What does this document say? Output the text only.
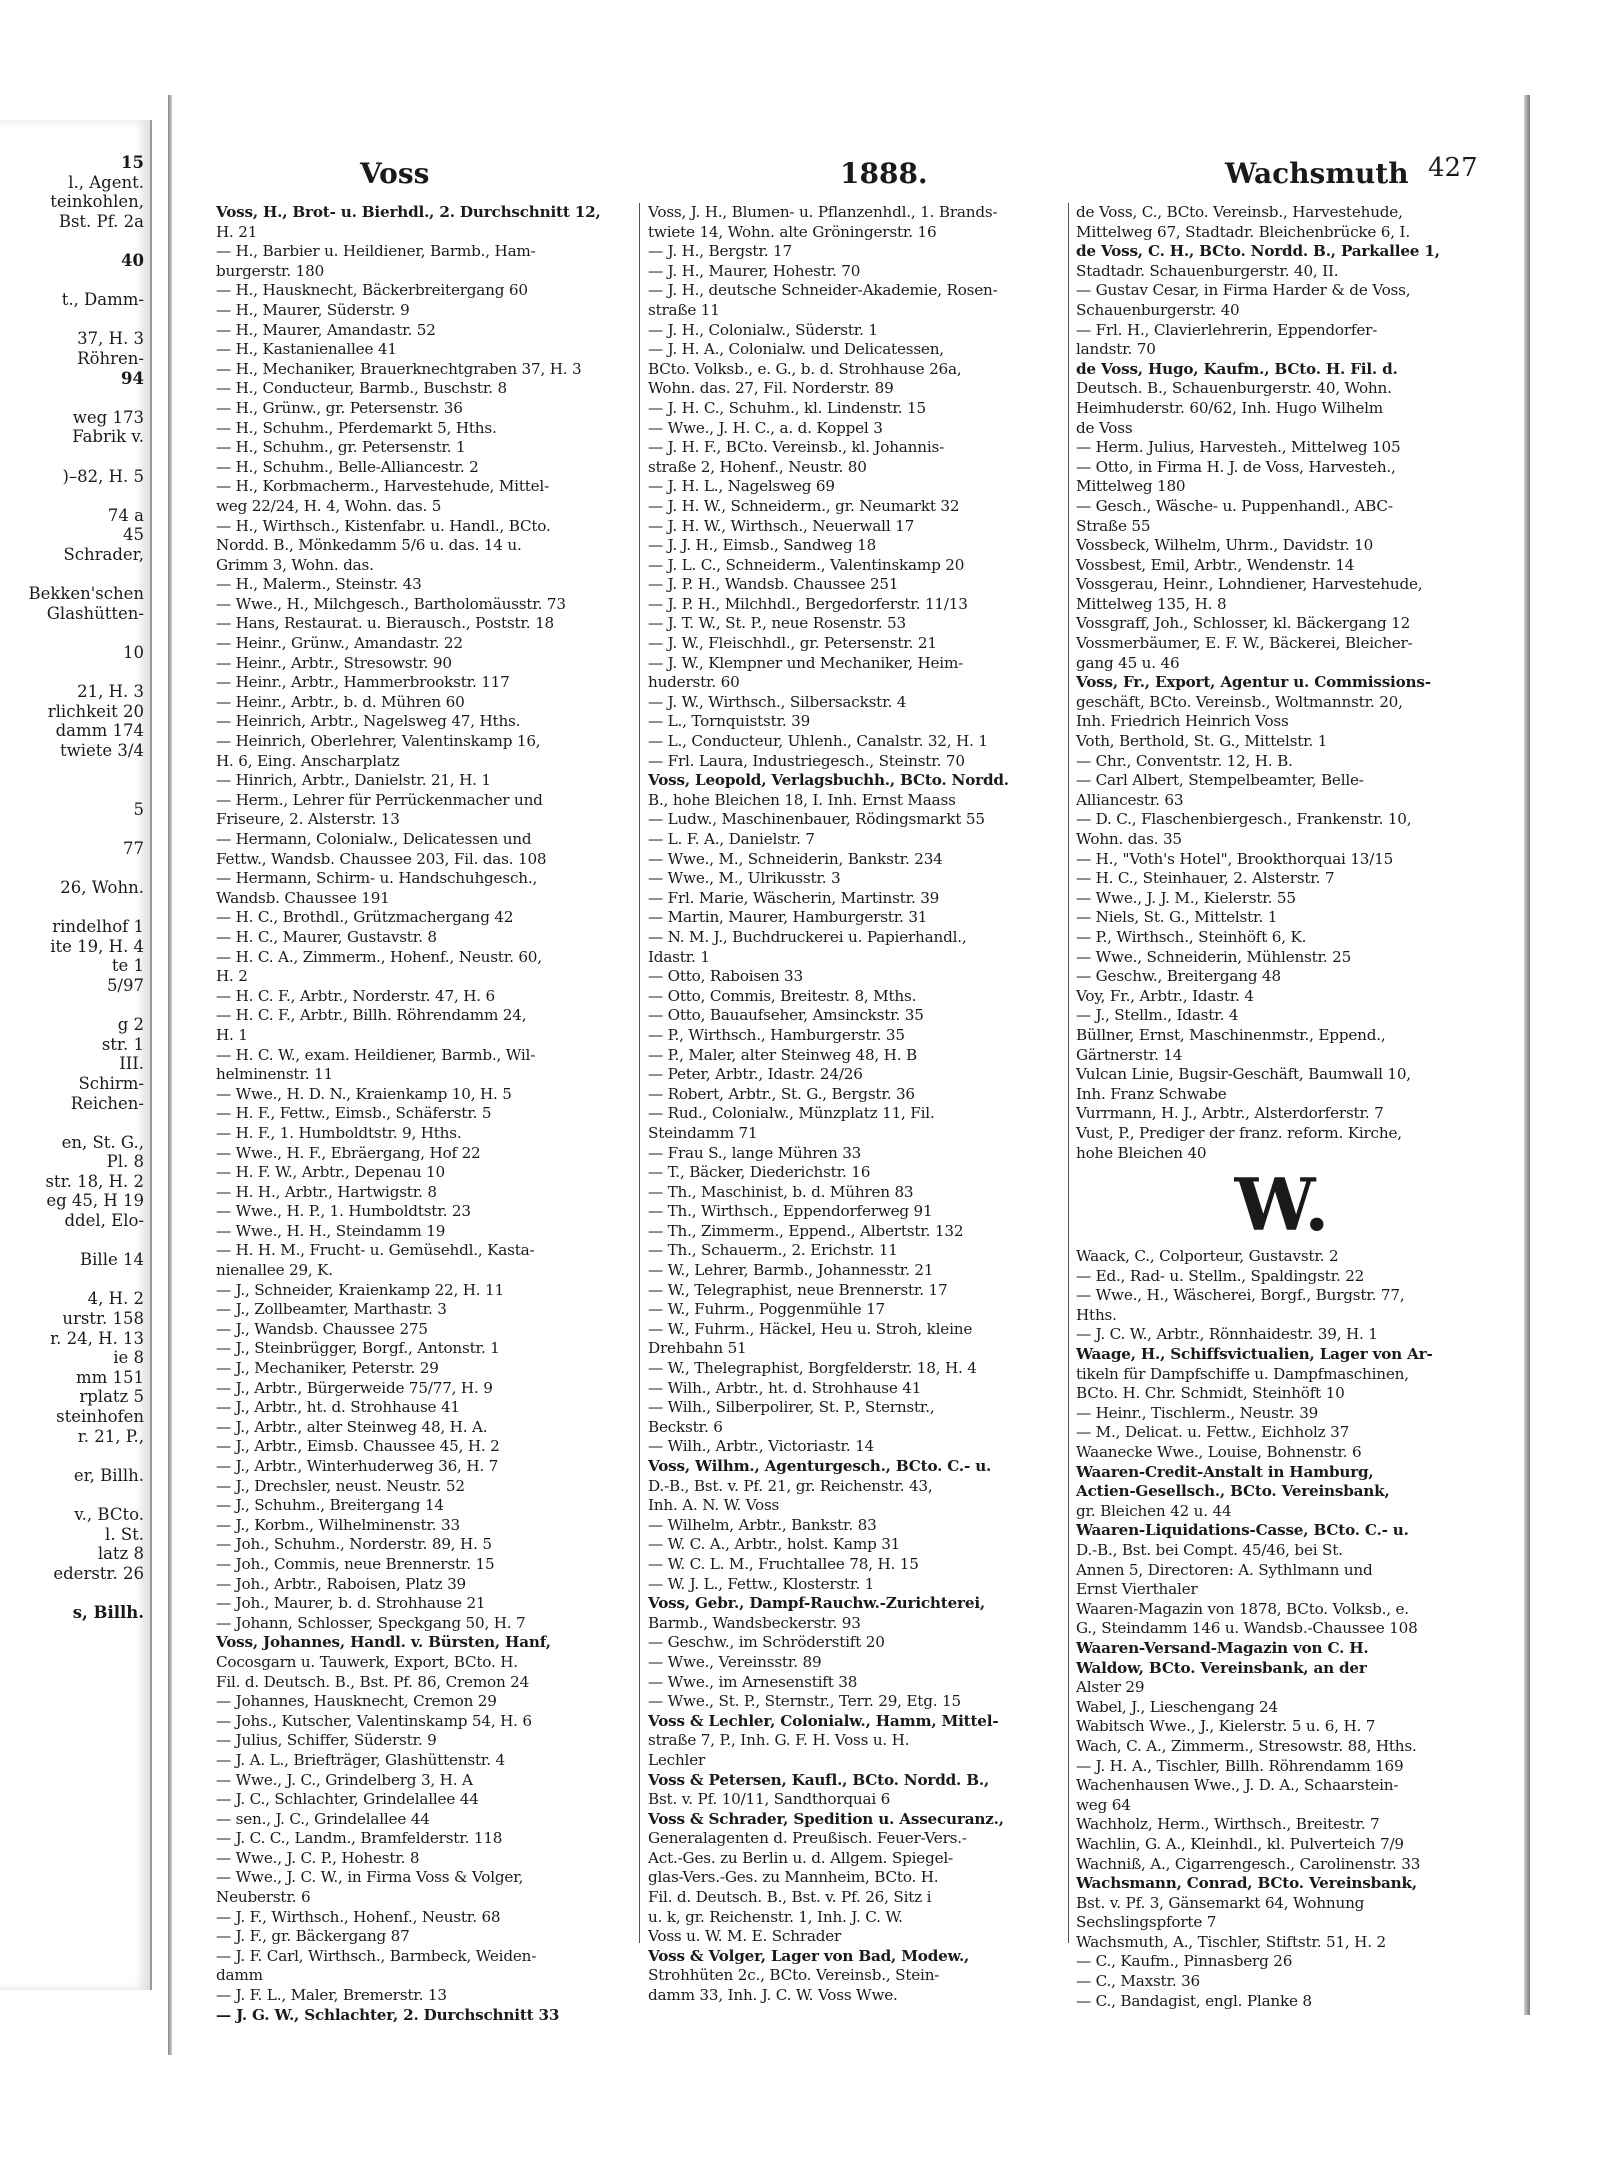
15
l., Agent.
teinkohlen,
Bst. Pf. 2a

40

t., Damm-

37, H. 3
Röhren-
94

weg 173
Fabrik v.

)–82, H. 5

74 a
45
Schrader,

Bekken'schen
Glashütten-

10

21, H. 3
rlichkeit 20
damm 174
twiete 3/4

5

77

26, Wohn.

rindelhof 1
ite 19, H. 4
te 1
5/97

g 2
str. 1
III.
Schirm-
Reichen-

en, St. G.,
Pl. 8
str. 18, H. 2
eg 45, H 19
ddel, Elo-

Bille 14

4, H. 2
urstr. 158
r. 24, H. 13
ie 8
mm 151
rplatz 5
steinhofen
r. 21, P.,

er, Billh.

v., BCto.
l. St.
latz 8
ederstr. 26

s, Billh.
Voss	1888.	Wachsmuth 427
Voss, H., Brot- u. Bierhdl., 2. Durchschnitt 12,
H. 21
— H., Barbier u. Heildiener, Barmb., Ham-
burgerstr. 180
— H., Hausknecht, Bäckerbreitergang 60
— H., Maurer, Süderstr. 9
— H., Maurer, Amandastr. 52
— H., Kastanienallee 41
— H., Mechaniker, Brauerknechtgraben 37, H. 3
— H., Conducteur, Barmb., Buschstr. 8
— H., Grünw., gr. Petersenstr. 36
— H., Schuhm., Pferdemarkt 5, Hths.
— H., Schuhm., gr. Petersenstr. 1
— H., Schuhm., Belle-Alliancestr. 2
— H., Korbmacherm., Harvestehude, Mittel-
weg 22/24, H. 4, Wohn. das. 5
— H., Wirthsch., Kistenfabr. u. Handl., BCto.
Nordd. B., Mönkedamm 5/6 u. das. 14 u.
Grimm 3, Wohn. das.
— H., Malerm., Steinstr. 43
— Wwe., H., Milchgesch., Bartholomäusstr. 73
— Hans, Restaurat. u. Bierausch., Poststr. 18
— Heinr., Grünw., Amandastr. 22
— Heinr., Arbtr., Stresowstr. 90
— Heinr., Arbtr., Hammerbrookstr. 117
— Heinr., Arbtr., b. d. Mühren 60
— Heinrich, Arbtr., Nagelsweg 47, Hths.
— Heinrich, Oberlehrer, Valentinskamp 16,
H. 6, Eing. Anscharplatz
— Hinrich, Arbtr., Danielstr. 21, H. 1
— Herm., Lehrer für Perrückenmacher und
Friseure, 2. Alsterstr. 13
— Hermann, Colonialw., Delicatessen und
Fettw., Wandsb. Chaussee 203, Fil. das. 108
— Hermann, Schirm- u. Handschuhgesch.,
Wandsb. Chaussee 191
— H. C., Brothdl., Grützmachergang 42
— H. C., Maurer, Gustavstr. 8
— H. C. A., Zimmerm., Hohenf., Neustr. 60,
H. 2
— H. C. F., Arbtr., Norderstr. 47, H. 6
— H. C. F., Arbtr., Billh. Röhrendamm 24,
H. 1
— H. C. W., exam. Heildiener, Barmb., Wil-
helminenstr. 11
— Wwe., H. D. N., Kraienkamp 10, H. 5
— H. F., Fettw., Eimsb., Schäferstr. 5
— H. F., 1. Humboldtstr. 9, Hths.
— Wwe., H. F., Ebräergang, Hof 22
— H. F. W., Arbtr., Depenau 10
— H. H., Arbtr., Hartwigstr. 8
— Wwe., H. P., 1. Humboldtstr. 23
— Wwe., H. H., Steindamm 19
— H. H. M., Frucht- u. Gemüsehdl., Kasta-
nienallee 29, K.
— J., Schneider, Kraienkamp 22, H. 11
— J., Zollbeamter, Marthastr. 3
— J., Wandsb. Chaussee 275
— J., Steinbrügger, Borgf., Antonstr. 1
— J., Mechaniker, Peterstr. 29
— J., Arbtr., Bürgerweide 75/77, H. 9
— J., Arbtr., ht. d. Strohhause 41
— J., Arbtr., alter Steinweg 48, H. A.
— J., Arbtr., Eimsb. Chaussee 45, H. 2
— J., Arbtr., Winterhuderweg 36, H. 7
— J., Drechsler, neust. Neustr. 52
— J., Schuhm., Breitergang 14
— J., Korbm., Wilhelminenstr. 33
— Joh., Schuhm., Norderstr. 89, H. 5
— Joh., Commis, neue Brennerstr. 15
— Joh., Arbtr., Raboisen, Platz 39
— Joh., Maurer, b. d. Strohhause 21
— Johann, Schlosser, Speckgang 50, H. 7
Voss, Johannes, Handl. v. Bürsten, Hanf,
Cocosgarn u. Tauwerk, Export, BCto. H.
Fil. d. Deutsch. B., Bst. Pf. 86, Cremon 24
— Johannes, Hausknecht, Cremon 29
— Johs., Kutscher, Valentinskamp 54, H. 6
— Julius, Schiffer, Süderstr. 9
— J. A. L., Briefträger, Glashüttenstr. 4
— Wwe., J. C., Grindelberg 3, H. A
— J. C., Schlachter, Grindelallee 44
— sen., J. C., Grindelallee 44
— J. C. C., Landm., Bramfelderstr. 118
— Wwe., J. C. P., Hohestr. 8
— Wwe., J. C. W., in Firma Voss & Volger,
Neuberstr. 6
— J. F., Wirthsch., Hohenf., Neustr. 68
— J. F., gr. Bäckergang 87
— J. F. Carl, Wirthsch., Barmbeck, Weiden-
damm
— J. F. L., Maler, Bremerstr. 13
— J. G. W., Schlachter, 2. Durchschnitt 33
Voss, J. H., Blumen- u. Pflanzenhdl., 1. Brands-
twiete 14, Wohn. alte Gröningerstr. 16
— J. H., Bergstr. 17
— J. H., Maurer, Hohestr. 70
— J. H., deutsche Schneider-Akademie, Rosen-
straße 11
— J. H., Colonialw., Süderstr. 1
— J. H. A., Colonialw. und Delicatessen,
BCto. Volksb., e. G., b. d. Strohhause 26a,
Wohn. das. 27, Fil. Norderstr. 89
— J. H. C., Schuhm., kl. Lindenstr. 15
— Wwe., J. H. C., a. d. Koppel 3
— J. H. F., BCto. Vereinsb., kl. Johannis-
straße 2, Hohenf., Neustr. 80
— J. H. L., Nagelsweg 69
— J. H. W., Schneiderm., gr. Neumarkt 32
— J. H. W., Wirthsch., Neuerwall 17
— J. J. H., Eimsb., Sandweg 18
— J. L. C., Schneiderm., Valentinskamp 20
— J. P. H., Wandsb. Chaussee 251
— J. P. H., Milchhdl., Bergedorferstr. 11/13
— J. T. W., St. P., neue Rosenstr. 53
— J. W., Fleischhdl., gr. Petersenstr. 21
— J. W., Klempner und Mechaniker, Heim-
huderstr. 60
— J. W., Wirthsch., Silbersackstr. 4
— L., Tornquiststr. 39
— L., Conducteur, Uhlenh., Canalstr. 32, H. 1
— Frl. Laura, Industriegesch., Steinstr. 70
Voss, Leopold, Verlagsbuchh., BCto. Nordd.
B., hohe Bleichen 18, I. Inh. Ernst Maass
— Ludw., Maschinenbauer, Rödingsmarkt 55
— L. F. A., Danielstr. 7
— Wwe., M., Schneiderin, Bankstr. 234
— Wwe., M., Ulrikusstr. 3
— Frl. Marie, Wäscherin, Martinstr. 39
— Martin, Maurer, Hamburgerstr. 31
— N. M. J., Buchdruckerei u. Papierhandl.,
Idastr. 1
— Otto, Raboisen 33
— Otto, Commis, Breitestr. 8, Mths.
— Otto, Bauaufseher, Amsinckstr. 35
— P., Wirthsch., Hamburgerstr. 35
— P., Maler, alter Steinweg 48, H. B
— Peter, Arbtr., Idastr. 24/26
— Robert, Arbtr., St. G., Bergstr. 36
— Rud., Colonialw., Münzplatz 11, Fil.
Steindamm 71
— Frau S., lange Mühren 33
— T., Bäcker, Diederichstr. 16
— Th., Maschinist, b. d. Mühren 83
— Th., Wirthsch., Eppendorferweg 91
— Th., Zimmerm., Eppend., Albertstr. 132
— Th., Schauerm., 2. Erichstr. 11
— W., Lehrer, Barmb., Johannesstr. 21
— W., Telegraphist, neue Brennerstr. 17
— W., Fuhrm., Poggenmühle 17
— W., Fuhrm., Häckel, Heu u. Stroh, kleine
Drehbahn 51
— W., Thelegraphist, Borgfelderstr. 18, H. 4
— Wilh., Arbtr., ht. d. Strohhause 41
— Wilh., Silberpolirer, St. P., Sternstr.,
Beckstr. 6
— Wilh., Arbtr., Victoriastr. 14
Voss, Wilhm., Agenturgesch., BCto. C.- u.
D.-B., Bst. v. Pf. 21, gr. Reichenstr. 43,
Inh. A. N. W. Voss
— Wilhelm, Arbtr., Bankstr. 83
— W. C. A., Arbtr., holst. Kamp 31
— W. C. L. M., Fruchtallee 78, H. 15
— W. J. L., Fettw., Klosterstr. 1
Voss, Gebr., Dampf-Rauchw.-Zurichterei,
Barmb., Wandsbeckerstr. 93
— Geschw., im Schröderstift 20
— Wwe., Vereinsstr. 89
— Wwe., im Arnesenstift 38
— Wwe., St. P., Sternstr., Terr. 29, Etg. 15
Voss & Lechler, Colonialw., Hamm, Mittel-
straße 7, P., Inh. G. F. H. Voss u. H.
Lechler
Voss & Petersen, Kaufl., BCto. Nordd. B.,
Bst. v. Pf. 10/11, Sandthorquai 6
Voss & Schrader, Spedition u. Assecuranz.,
Generalagenten d. Preußisch. Feuer-Vers.-
Act.-Ges. zu Berlin u. d. Allgem. Spiegel-
glas-Vers.-Ges. zu Mannheim, BCto. H.
Fil. d. Deutsch. B., Bst. v. Pf. 26, Sitz i
u. k, gr. Reichenstr. 1, Inh. J. C. W.
Voss u. W. M. E. Schrader
Voss & Volger, Lager von Bad, Modew.,
Strohhüten 2c., BCto. Vereinsb., Stein-
damm 33, Inh. J. C. W. Voss Wwe.
de Voss, C., BCto. Vereinsb., Harvestehude,
Mittelweg 67, Stadtadr. Bleichenbrücke 6, I.
de Voss, C. H., BCto. Nordd. B., Parkallee 1,
Stadtadr. Schauenburgerstr. 40, II.
— Gustav Cesar, in Firma Harder & de Voss,
Schauenburgerstr. 40
— Frl. H., Clavierlehrerin, Eppendorfer-
landstr. 70
de Voss, Hugo, Kaufm., BCto. H. Fil. d.
Deutsch. B., Schauenburgerstr. 40, Wohn.
Heimhuderstr. 60/62, Inh. Hugo Wilhelm
de Voss
— Herm. Julius, Harvesteh., Mittelweg 105
— Otto, in Firma H. J. de Voss, Harvesteh.,
Mittelweg 180
— Gesch., Wäsche- u. Puppenhandl., ABC-
Straße 55
Vossbeck, Wilhelm, Uhrm., Davidstr. 10
Vossbest, Emil, Arbtr., Wendenstr. 14
Vossgerau, Heinr., Lohndiener, Harvestehude,
Mittelweg 135, H. 8
Vossgraff, Joh., Schlosser, kl. Bäckergang 12
Vossmerbäumer, E. F. W., Bäckerei, Bleicher-
gang 45 u. 46
Voss, Fr., Export, Agentur u. Commissions-
geschäft, BCto. Vereinsb., Woltmannstr. 20,
Inh. Friedrich Heinrich Voss
Voth, Berthold, St. G., Mittelstr. 1
— Chr., Conventstr. 12, H. B.
— Carl Albert, Stempelbeamter, Belle-
Alliancestr. 63
— D. C., Flaschenbiergesch., Frankenstr. 10,
Wohn. das. 35
— H., "Voth's Hotel", Brookthorquai 13/15
— H. C., Steinhauer, 2. Alsterstr. 7
— Wwe., J. J. M., Kielerstr. 55
— Niels, St. G., Mittelstr. 1
— P., Wirthsch., Steinhöft 6, K.
— Wwe., Schneiderin, Mühlenstr. 25
— Geschw., Breitergang 48
Voy, Fr., Arbtr., Idastr. 4
— J., Stellm., Idastr. 4
Büllner, Ernst, Maschinenmstr., Eppend.,
Gärtnerstr. 14
Vulcan Linie, Bugsir-Geschäft, Baumwall 10,
Inh. Franz Schwabe
Vurrmann, H. J., Arbtr., Alsterdorferstr. 7
Vust, P., Prediger der franz. reform. Kirche,
hohe Bleichen 40
W.
Waack, C., Colporteur, Gustavstr. 2
— Ed., Rad- u. Stellm., Spaldingstr. 22
— Wwe., H., Wäscherei, Borgf., Burgstr. 77,
Hths.
— J. C. W., Arbtr., Rönnhaidestr. 39, H. 1
Waage, H., Schiffsvictualien, Lager von Ar-
tikeln für Dampfschiffe u. Dampfmaschinen,
BCto. H. Chr. Schmidt, Steinhöft 10
— Heinr., Tischlerm., Neustr. 39
— M., Delicat. u. Fettw., Eichholz 37
Waanecke Wwe., Louise, Bohnenstr. 6
Waaren-Credit-Anstalt in Hamburg,
Actien-Gesellsch., BCto. Vereinsbank,
gr. Bleichen 42 u. 44
Waaren-Liquidations-Casse, BCto. C.- u.
D.-B., Bst. bei Compt. 45/46, bei St.
Annen 5, Directoren: A. Sythlmann und
Ernst Vierthaler
Waaren-Magazin von 1878, BCto. Volksb., e.
G., Steindamm 146 u. Wandsb.-Chaussee 108
Waaren-Versand-Magazin von C. H.
Waldow, BCto. Vereinsbank, an der
Alster 29
Wabel, J., Lieschengang 24
Wabitsch Wwe., J., Kielerstr. 5 u. 6, H. 7
Wach, C. A., Zimmerm., Stresowstr. 88, Hths.
— J. H. A., Tischler, Billh. Röhrendamm 169
Wachenhausen Wwe., J. D. A., Schaarstein-
weg 64
Wachholz, Herm., Wirthsch., Breitestr. 7
Wachlin, G. A., Kleinhdl., kl. Pulverteich 7/9
Wachniß, A., Cigarrengesch., Carolinenstr. 33
Wachsmann, Conrad, BCto. Vereinsbank,
Bst. v. Pf. 3, Gänsemarkt 64, Wohnung
Sechslingspforte 7
Wachsmuth, A., Tischler, Stiftstr. 51, H. 2
— C., Kaufm., Pinnasberg 26
— C., Maxstr. 36
— C., Bandagist, engl. Planke 8
